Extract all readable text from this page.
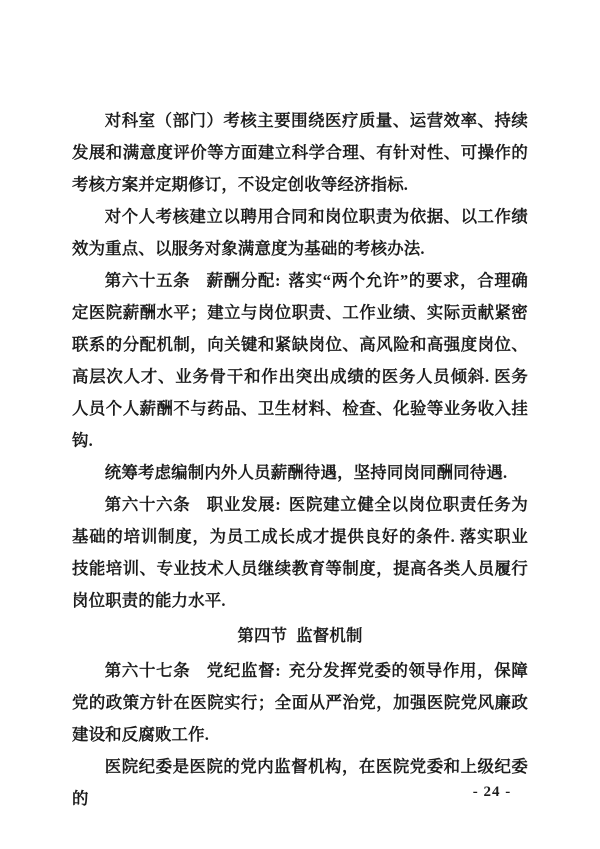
对科室（部门）考核主要围绕医疗质量、运营效率、持续发展和满意度评价等方面建立科学合理、有针对性、可操作的考核方案并定期修订，不设定创收等经济指标.

对个人考核建立以聘用合同和岗位职责为依据、以工作绩效为重点、以服务对象满意度为基础的考核办法.

第六十五条 薪酬分配: 落实“两个允许”的要求，合理确定医院薪酬水平；建立与岗位职责、工作业绩、实际贡献紧密联系的分配机制，向关键和紧缺岗位、高风险和高强度岗位、高层次人才、业务骨干和作出突出成绩的医务人员倾斜. 医务人员个人薪酬不与药品、卫生材料、检查、化验等业务收入挂钩.

统筹考虑编制内外人员薪酬待遇，坚持同岗同酬同待遇.

第六十六条 职业发展: 医院建立健全以岗位职责任务为基础的培训制度，为员工成长成才提供良好的条件. 落实职业技能培训、专业技术人员继续教育等制度，提高各类人员履行岗位职责的能力水平.

第四节 监督机制

第六十七条 党纪监督: 充分发挥党委的领导作用，保障党的政策方针在医院实行；全面从严治党，加强医院党风廉政建设和反腐败工作.

医院纪委是医院的党内监督机构，在医院党委和上级纪委的	- 24 -
